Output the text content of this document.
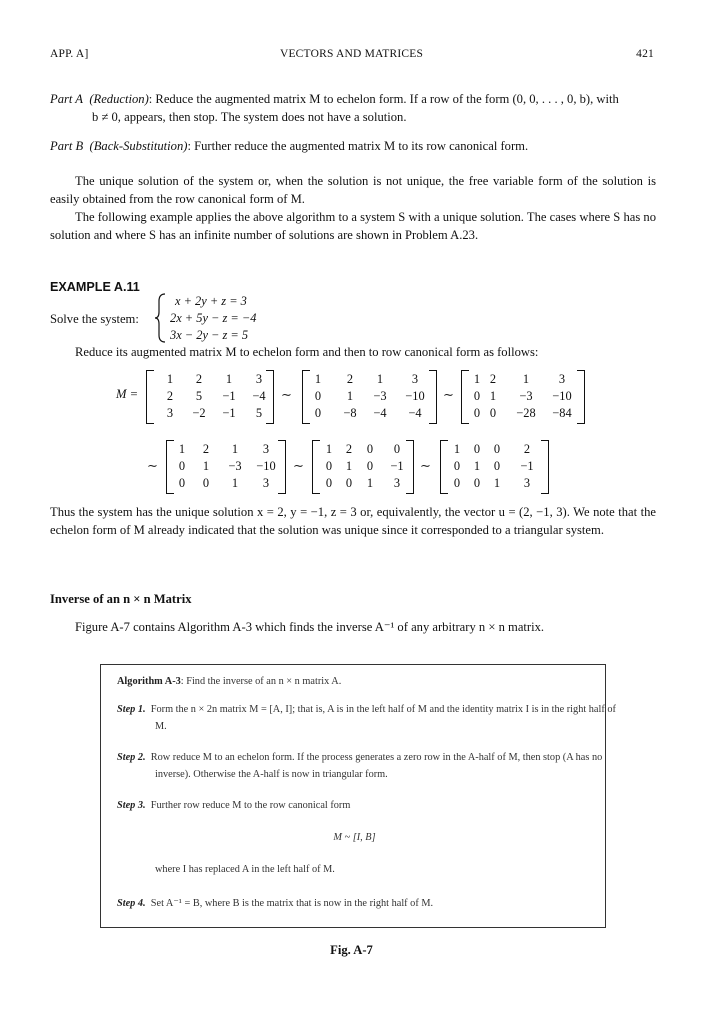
APP. A]	VECTORS AND MATRICES	421
Part A (Reduction): Reduce the augmented matrix M to echelon form. If a row of the form (0, 0, . . . , 0, b), with
b ≠ 0, appears, then stop. The system does not have a solution.
Part B (Back-Substitution): Further reduce the augmented matrix M to its row canonical form.
The unique solution of the system or, when the solution is not unique, the free variable form of the solution is easily obtained from the row canonical form of M.
The following example applies the above algorithm to a system S with a unique solution. The cases where S has no solution and where S has an infinite number of solutions are shown in Problem A.23.
EXAMPLE A.11
Solve the system:
x + 2y + z = 3
2x + 5y − z = −4
3x − 2y − z = 5
Reduce its augmented matrix M to echelon form and then to row canonical form as follows:
M =
1	2	1	3
2	5	−1	−4
3	−2	−1	5
∼
1	2	1	3
0	1	−3	−10
0	−8	−4	−4
∼
1 2	1	3
0 1	−3	−10
0 0	−28	−84
∼
1	2	1	3
0	1	−3	−10
0	0	1	3
∼
1	2	0	0
0	1	0	−1
0	0	1	3
∼
1	0	0	2
0	1	0	−1
0	0	1	3
Thus the system has the unique solution x = 2, y = −1, z = 3 or, equivalently, the vector u = (2, −1, 3). We note that the echelon form of M already indicated that the solution was unique since it corresponded to a triangular system.
Inverse of an n × n Matrix
Figure A-7 contains Algorithm A-3 which finds the inverse A⁻¹ of any arbitrary n × n matrix.
Algorithm A-3: Find the inverse of an n × n matrix A.
Step 1. Form the n × 2n matrix M = [A, I]; that is, A is in the left half of M and the identity matrix I is in the right half of M.
Step 2. Row reduce M to an echelon form. If the process generates a zero row in the A-half of M, then stop (A has no inverse). Otherwise the A-half is now in triangular form.
Step 3. Further row reduce M to the row canonical form
M ~ [I, B]
where I has replaced A in the left half of M.
Step 4. Set A⁻¹ = B, where B is the matrix that is now in the right half of M.
Fig. A-7
